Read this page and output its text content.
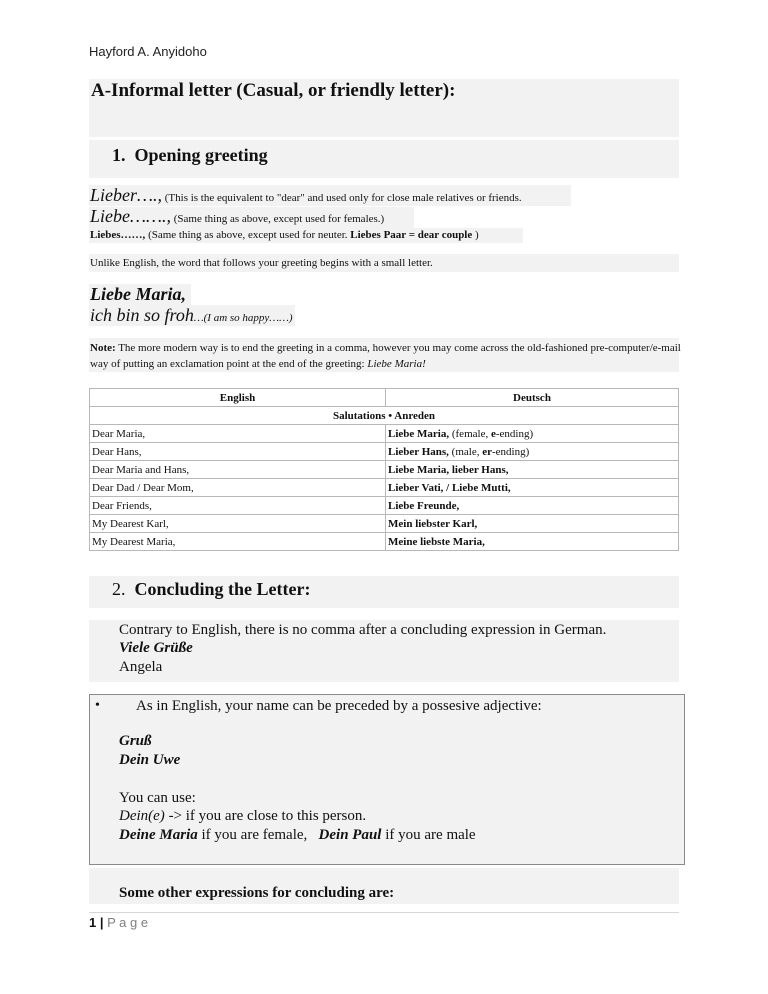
Hayford A. Anyidoho
A-Informal letter (Casual, or friendly letter):
1. Opening greeting
Lieber…., (This is the equivalent to "dear" and used only for close male relatives or friends.
Liebe……., (Same thing as above, except used for females.)
Liebes……, (Same thing as above, except used for neuter. Liebes Paar = dear couple )
Unlike English, the word that follows your greeting begins with a small letter.
Liebe Maria,
ich bin so froh…(I am so happy……)
Note: The more modern way is to end the greeting in a comma, however you may come across the old-fashioned pre-computer/e-mail way of putting an exclamation point at the end of the greeting: Liebe Maria!
English	Deutsch
Salutations • Anreden	
Dear Maria,	Liebe Maria, (female, e-ending)
Dear Hans,	Lieber Hans, (male, er-ending)
Dear Maria and Hans,	Liebe Maria, lieber Hans,
Dear Dad / Dear Mom,	Lieber Vati, / Liebe Mutti,
Dear Friends,	Liebe Freunde,
My Dearest Karl,	Mein liebster Karl,
My Dearest Maria,	Meine liebste Maria,
2. Concluding the Letter:
Contrary to English, there is no comma after a concluding expression in German.
Viele Grüße
Angela
• As in English, your name can be preceded by a possesive adjective:
Gruß
Dein Uwe
You can use:
Dein(e) -> if you are close to this person.
Deine Maria if you are female,   Dein Paul if you are male
Some other expressions for concluding are:
1 | P a g e
